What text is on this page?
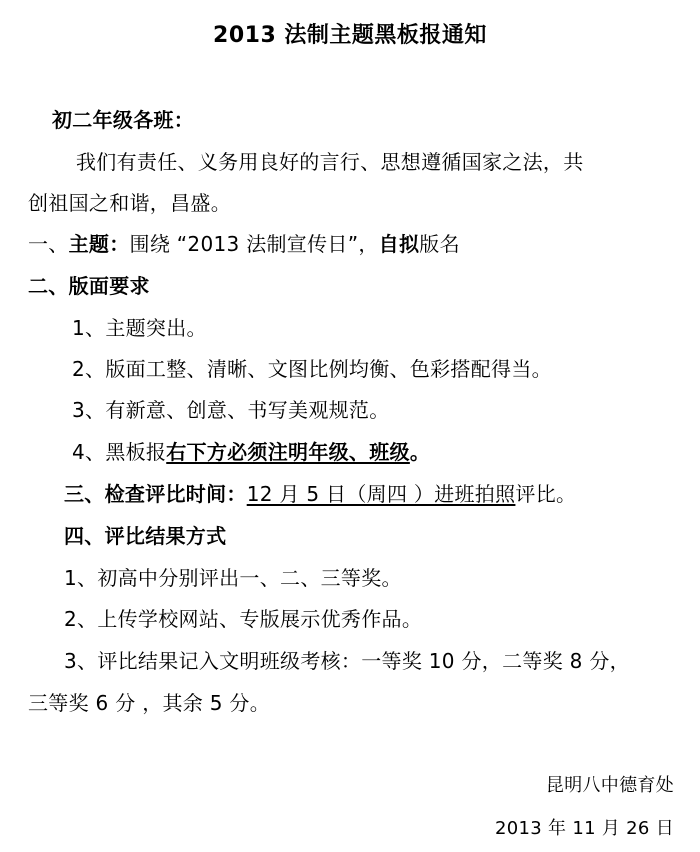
2013 法制主题黑板报通知
初二年级各班：
我们有责任、义务用良好的言行、思想遵循国家之法，共
创祖国之和谐，昌盛。
一、主题：围绕 “2013 法制宣传日”，自拟版名
二、版面要求
1、主题突出。
2、版面工整、清晰、文图比例均衡、色彩搭配得当。
3、有新意、创意、书写美观规范。
4、黑板报右下方必须注明年级、班级。
三、检查评比时间：12 月 5 日（周四 ）进班拍照评比。
四、评比结果方式
1、初高中分别评出一、二、三等奖。
2、上传学校网站、专版展示优秀作品。
3、评比结果记入文明班级考核：一等奖 10 分，二等奖 8 分，
三等奖 6 分 ，其余 5 分。
昆明八中德育处
2013 年 11 月 26 日
